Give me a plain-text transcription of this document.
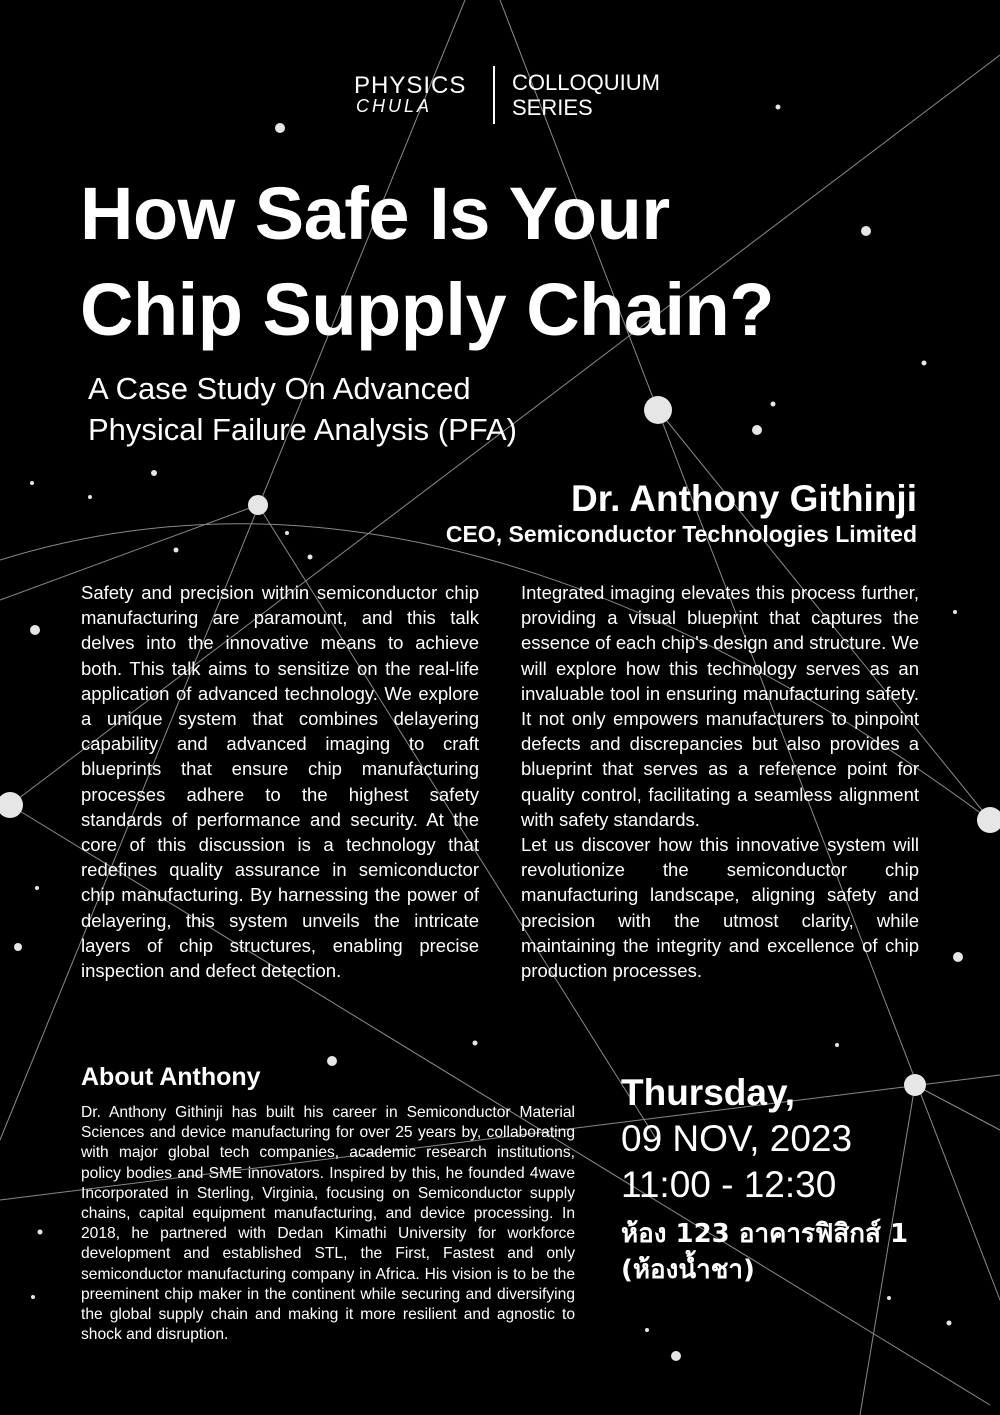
PHYSICS
CHULA
COLLOQUIUM
SERIES
How Safe Is Your
Chip Supply Chain?
A Case Study On Advanced
Physical Failure Analysis (PFA)
Dr. Anthony Githinji
CEO, Semiconductor Technologies Limited

Safety and precision within semiconductor chip manufacturing are paramount, and this talk delves into the innovative means to achieve both. This talk aims to sensitize on the real-life application of advanced technology. We explore a unique system that combines delayering capability and advanced imaging to craft blueprints that ensure chip manufacturing processes adhere to the highest safety standards of performance and security. At the core of this discussion is a technology that redefines quality assurance in semiconductor chip manufacturing. By harnessing the power of delayering, this system unveils the intricate layers of chip structures, enabling precise inspection and defect detection.

Integrated imaging elevates this process further, providing a visual blueprint that captures the essence of each chip's design and structure. We will explore how this technology serves as an invaluable tool in ensuring manufacturing safety. It not only empowers manufacturers to pinpoint defects and discrepancies but also provides a blueprint that serves as a reference point for quality control, facilitating a seamless alignment with safety standards.

Let us discover how this innovative system will revolutionize the semiconductor chip manufacturing landscape, aligning safety and precision with the utmost clarity, while maintaining the integrity and excellence of chip production processes.

About Anthony

Dr. Anthony Githinji has built his career in Semiconductor Material Sciences and device manufacturing for over 25 years by, collaborating with major global tech companies, academic research institutions, policy bodies and SME innovators. Inspired by this, he founded 4wave Incorporated in Sterling, Virginia, focusing on Semiconductor supply chains, capital equipment manufacturing, and device processing. In 2018, he partnered with Dedan Kimathi University for workforce development and established STL, the First, Fastest and only semiconductor manufacturing company in Africa. His vision is to be the preeminent chip maker in the continent while securing and diversifying the global supply chain and making it more resilient and agnostic to shock and disruption.

Thursday,
09 NOV, 2023
11:00 - 12:30
ห้อง 123 อาคารฟิสิกส์ 1
(ห้องน้ำชา)
